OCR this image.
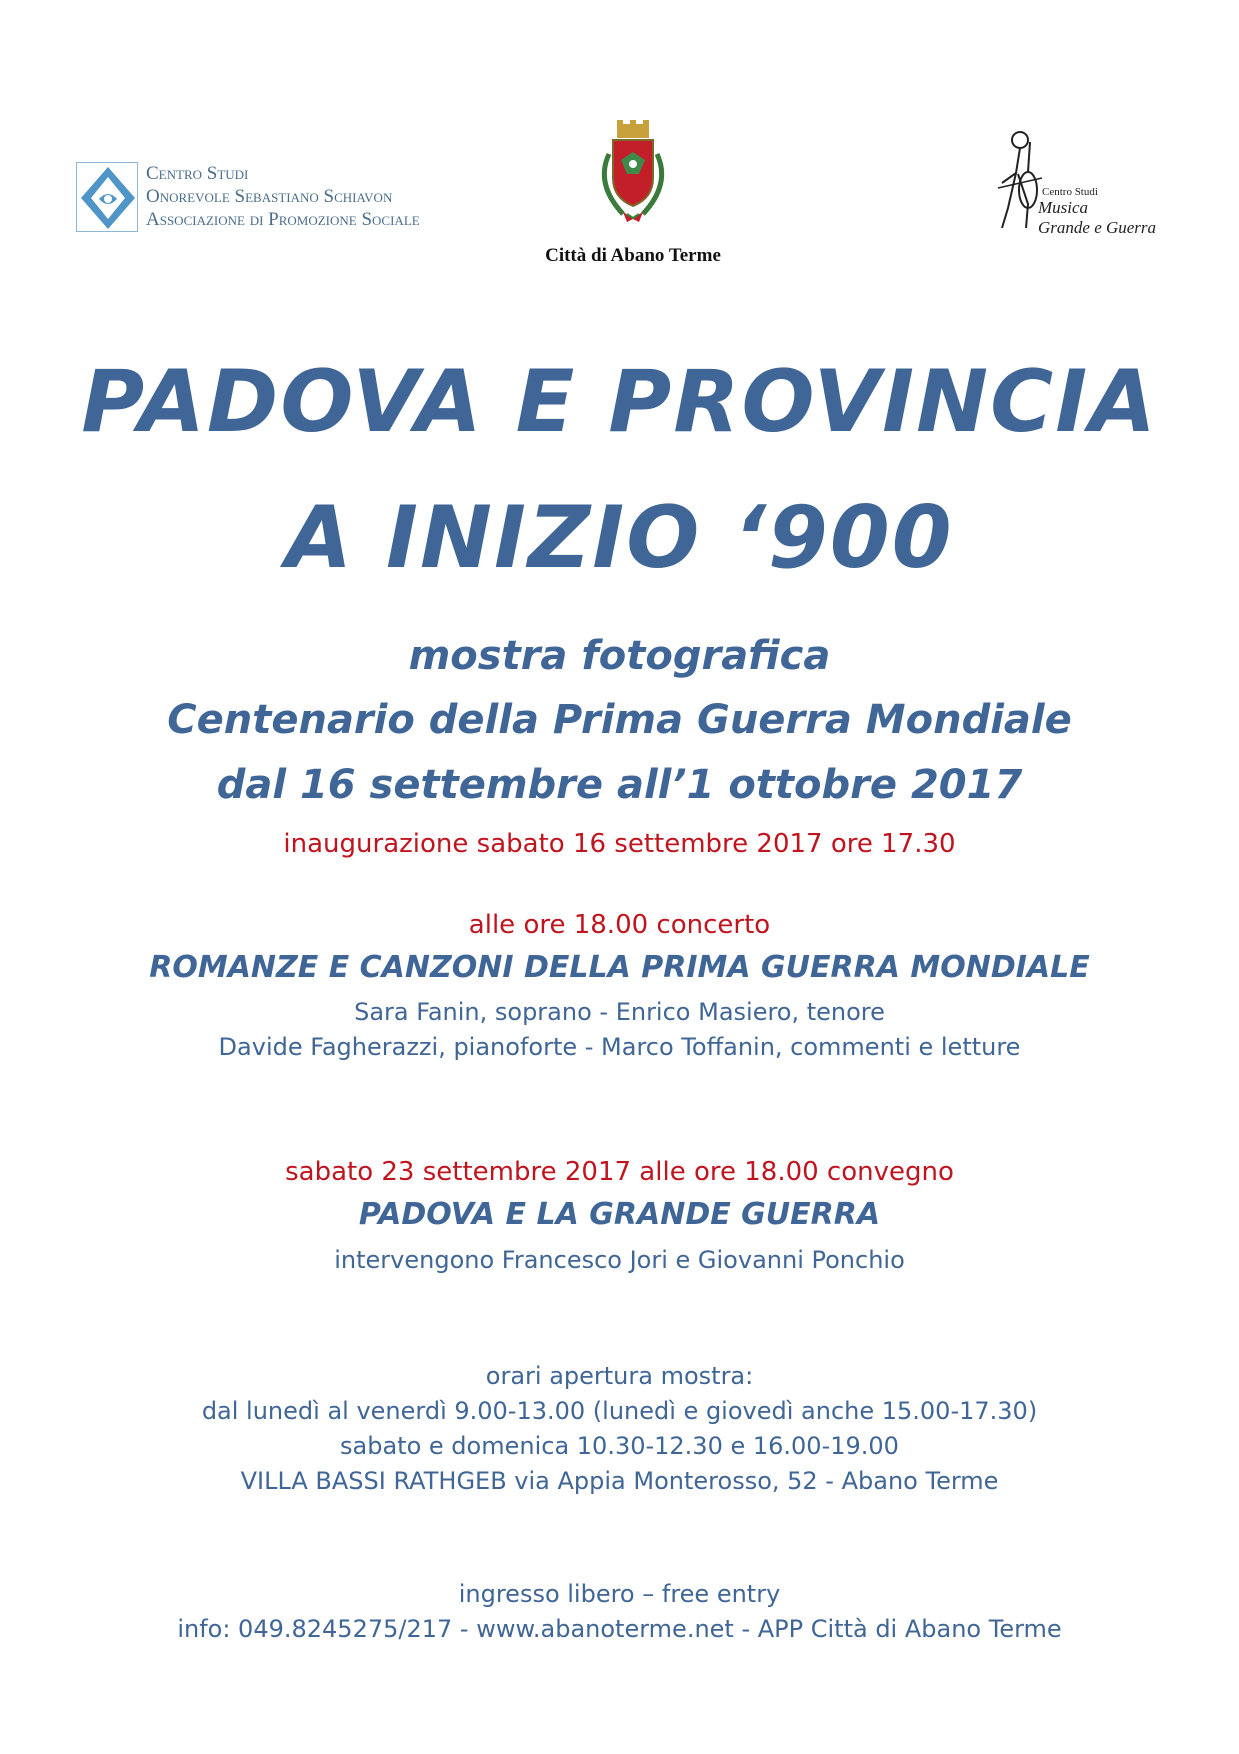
Centro Studi
Onorevole Sebastiano Schiavon
Associazione di Promozione Sociale
Città di Abano Terme
Centro Studi
Musica
Grande e Guerra
PADOVA E PROVINCIA
A INIZIO ‘900
mostra fotografica
Centenario della Prima Guerra Mondiale
dal 16 settembre all’1 ottobre 2017
inaugurazione sabato 16 settembre 2017 ore 17.30
alle ore 18.00 concerto
ROMANZE E CANZONI DELLA PRIMA GUERRA MONDIALE
Sara Fanin, soprano - Enrico Masiero, tenore
Davide Fagherazzi, pianoforte - Marco Toffanin, commenti e letture
sabato 23 settembre 2017 alle ore 18.00 convegno
PADOVA E LA GRANDE GUERRA
intervengono Francesco Jori e Giovanni Ponchio
orari apertura mostra:
dal lunedì al venerdì 9.00-13.00 (lunedì e giovedì anche 15.00-17.30)
sabato e domenica 10.30-12.30 e 16.00-19.00
VILLA BASSI RATHGEB via Appia Monterosso, 52 - Abano Terme
ingresso libero – free entry
info: 049.8245275/217 - www.abanoterme.net - APP Città di Abano Terme
